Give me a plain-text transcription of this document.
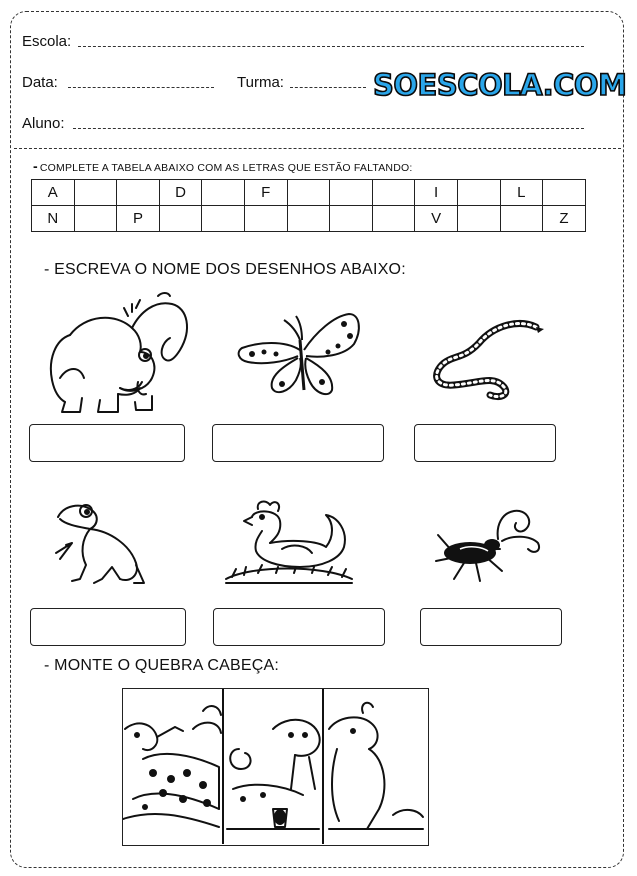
Escola:
Data:	Turma:	SOESCOLA.COM
Aluno:
- COMPLETE A TABELA ABAIXO COM AS LETRAS QUE ESTÃO FALTANDO:
A			D		F				I		L	
N		P							V			Z
- ESCREVA O NOME DOS DESENHOS ABAIXO:
- MONTE O QUEBRA CABEÇA:
